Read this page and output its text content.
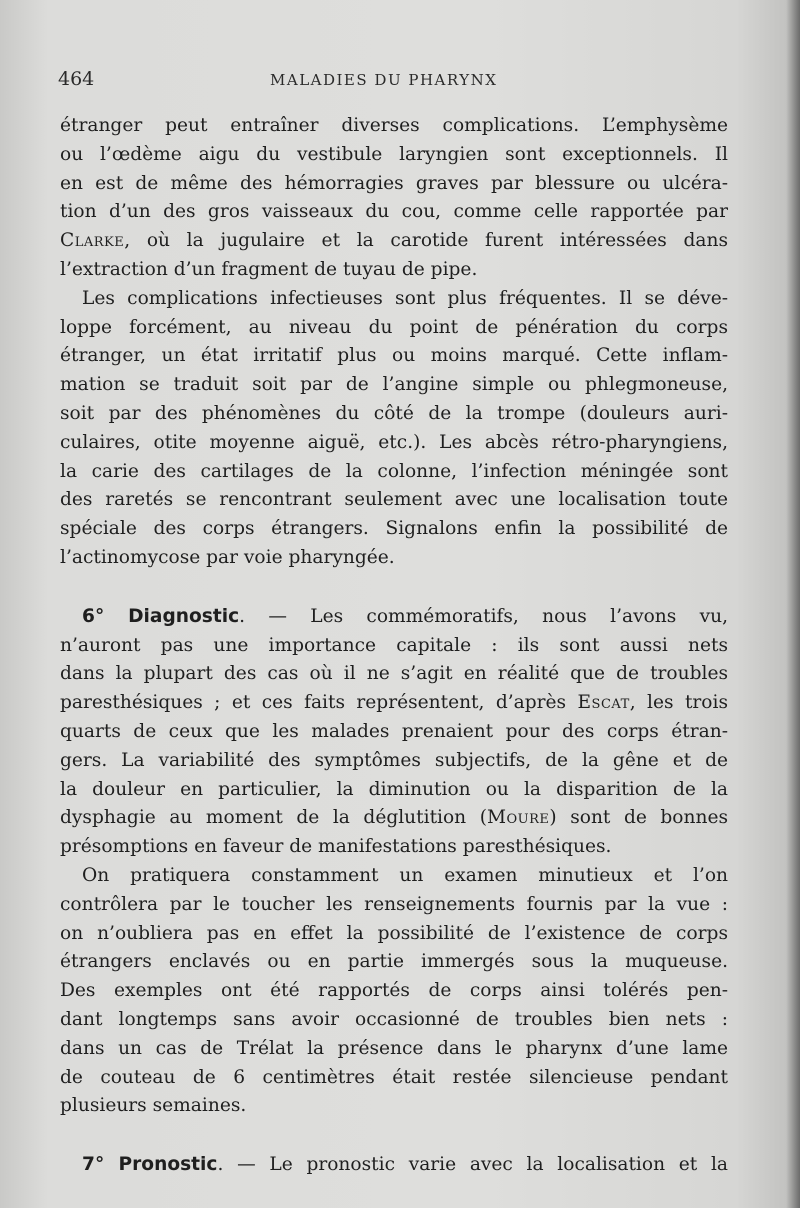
464	MALADIES DU PHARYNX
étranger peut entraîner diverses complications. L’emphysème
ou l’œdème aigu du vestibule laryngien sont exceptionnels. Il
en est de même des hémorragies graves par blessure ou ulcéra-
tion d’un des gros vaisseaux du cou, comme celle rapportée par
Clarke, où la jugulaire et la carotide furent intéressées dans
l’extraction d’un fragment de tuyau de pipe.
Les complications infectieuses sont plus fréquentes. Il se déve-
loppe forcément, au niveau du point de pénération du corps
étranger, un état irritatif plus ou moins marqué. Cette inflam-
mation se traduit soit par de l’angine simple ou phlegmoneuse,
soit par des phénomènes du côté de la trompe (douleurs auri-
culaires, otite moyenne aiguë, etc.). Les abcès rétro-pharyngiens,
la carie des cartilages de la colonne, l’infection méningée sont
des raretés se rencontrant seulement avec une localisation toute
spéciale des corps étrangers. Signalons enfin la possibilité de
l’actinomycose par voie pharyngée.
6° Diagnostic. — Les commémoratifs, nous l’avons vu,
n’auront pas une importance capitale : ils sont aussi nets
dans la plupart des cas où il ne s’agit en réalité que de troubles
paresthésiques ; et ces faits représentent, d’après Escat, les trois
quarts de ceux que les malades prenaient pour des corps étran-
gers. La variabilité des symptômes subjectifs, de la gêne et de
la douleur en particulier, la diminution ou la disparition de la
dysphagie au moment de la déglutition (Moure) sont de bonnes
présomptions en faveur de manifestations paresthésiques.
On pratiquera constamment un examen minutieux et l’on
contrôlera par le toucher les renseignements fournis par la vue :
on n’oubliera pas en effet la possibilité de l’existence de corps
étrangers enclavés ou en partie immergés sous la muqueuse.
Des exemples ont été rapportés de corps ainsi tolérés pen-
dant longtemps sans avoir occasionné de troubles bien nets :
dans un cas de Trélat la présence dans le pharynx d’une lame
de couteau de 6 centimètres était restée silencieuse pendant
plusieurs semaines.
7° Pronostic. — Le pronostic varie avec la localisation et la
